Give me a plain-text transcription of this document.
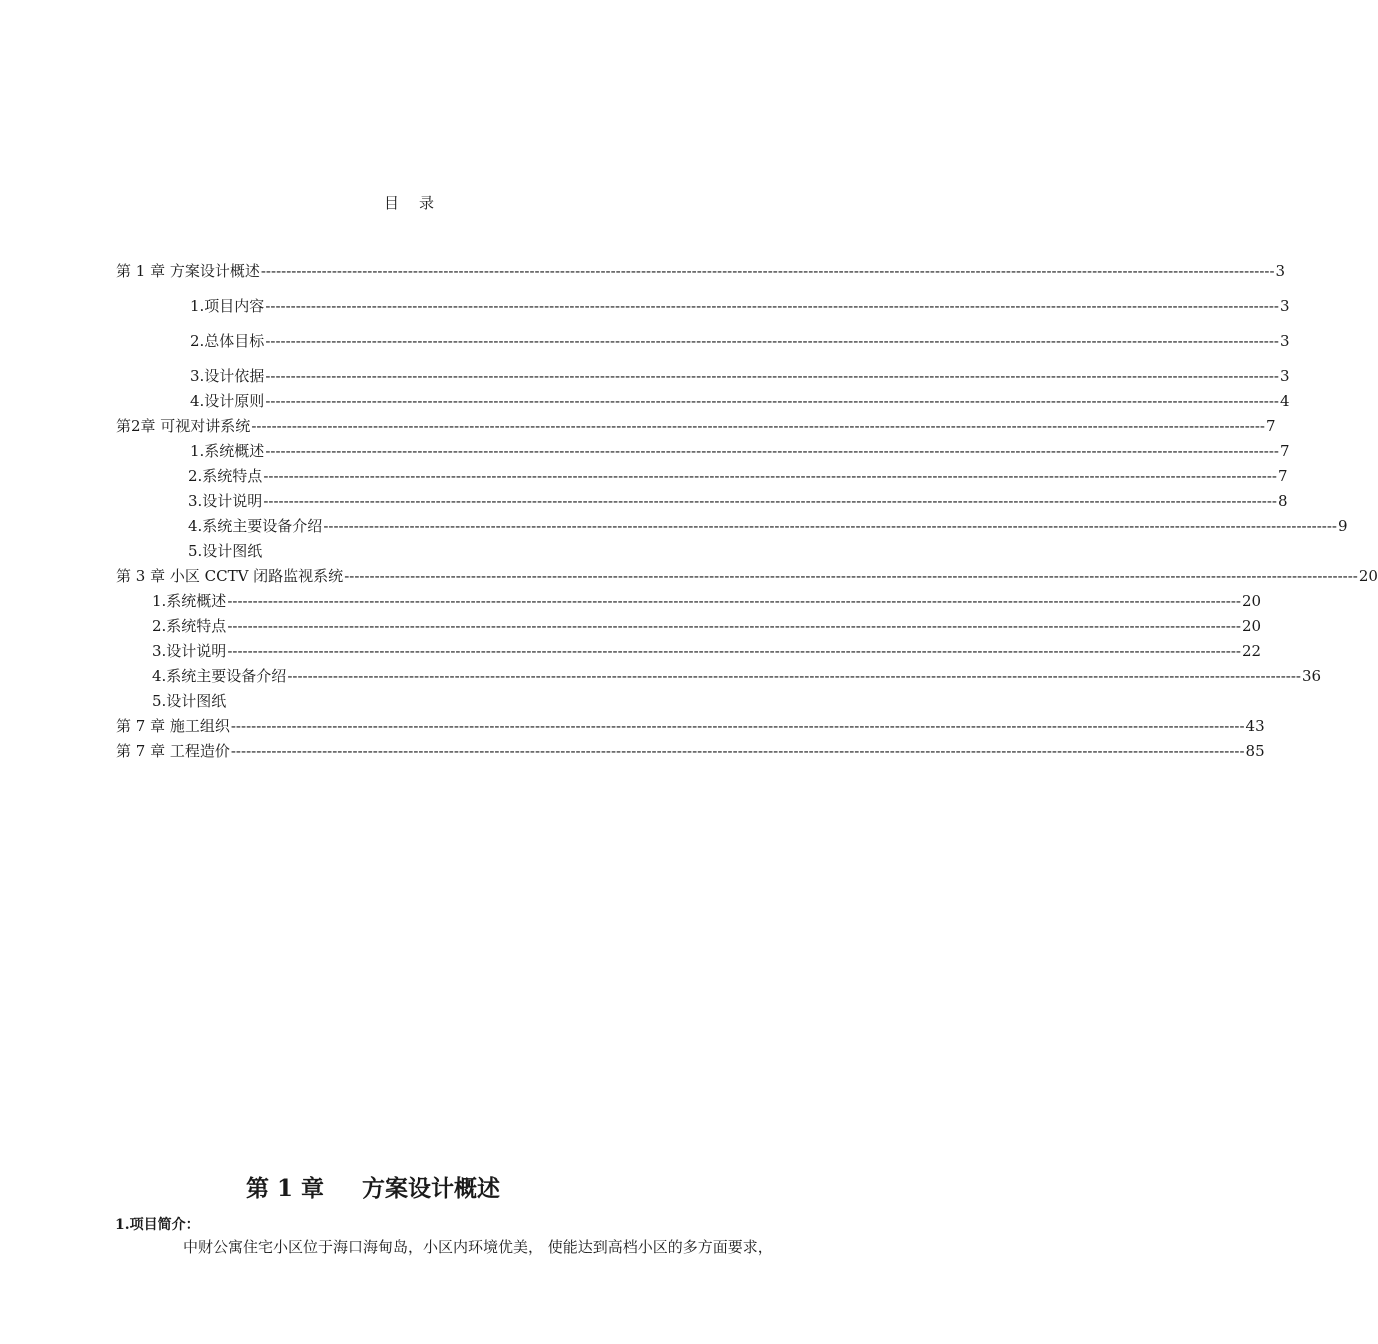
目 录
第 1 章 方案设计概述 -------------------------------------------------------------------------------------------------------------------------------------------------------------------------------------------------------- 3
1.项目内容 -------------------------------------------------------------------------------------------------------------------------------------------------------------------------------------------------------- 3
2.总体目标 -------------------------------------------------------------------------------------------------------------------------------------------------------------------------------------------------------- 3
3.设计依据 -------------------------------------------------------------------------------------------------------------------------------------------------------------------------------------------------------- 3
4.设计原则 -------------------------------------------------------------------------------------------------------------------------------------------------------------------------------------------------------- 4
第2章 可视对讲系统 -------------------------------------------------------------------------------------------------------------------------------------------------------------------------------------------------------- 7
1.系统概述 -------------------------------------------------------------------------------------------------------------------------------------------------------------------------------------------------------- 7
2.系统特点 -------------------------------------------------------------------------------------------------------------------------------------------------------------------------------------------------------- 7
3.设计说明 -------------------------------------------------------------------------------------------------------------------------------------------------------------------------------------------------------- 8
4.系统主要设备介绍 -------------------------------------------------------------------------------------------------------------------------------------------------------------------------------------------------------- 9
5.设计图纸
第 3 章 小区 CCTV 闭路监视系统 -------------------------------------------------------------------------------------------------------------------------------------------------------------------------------------------------------- 20
1.系统概述 -------------------------------------------------------------------------------------------------------------------------------------------------------------------------------------------------------- 20
2.系统特点 -------------------------------------------------------------------------------------------------------------------------------------------------------------------------------------------------------- 20
3.设计说明 -------------------------------------------------------------------------------------------------------------------------------------------------------------------------------------------------------- 22
4.系统主要设备介绍 -------------------------------------------------------------------------------------------------------------------------------------------------------------------------------------------------------- 36
5.设计图纸
第 7 章 施工组织 -------------------------------------------------------------------------------------------------------------------------------------------------------------------------------------------------------- 43
第 7 章 工程造价 -------------------------------------------------------------------------------------------------------------------------------------------------------------------------------------------------------- 85
第 1 章 方案设计概述
1.项目简介：
中财公寓住宅小区位于海口海甸岛，小区内环境优美， 使能达到高档小区的多方面要求，
